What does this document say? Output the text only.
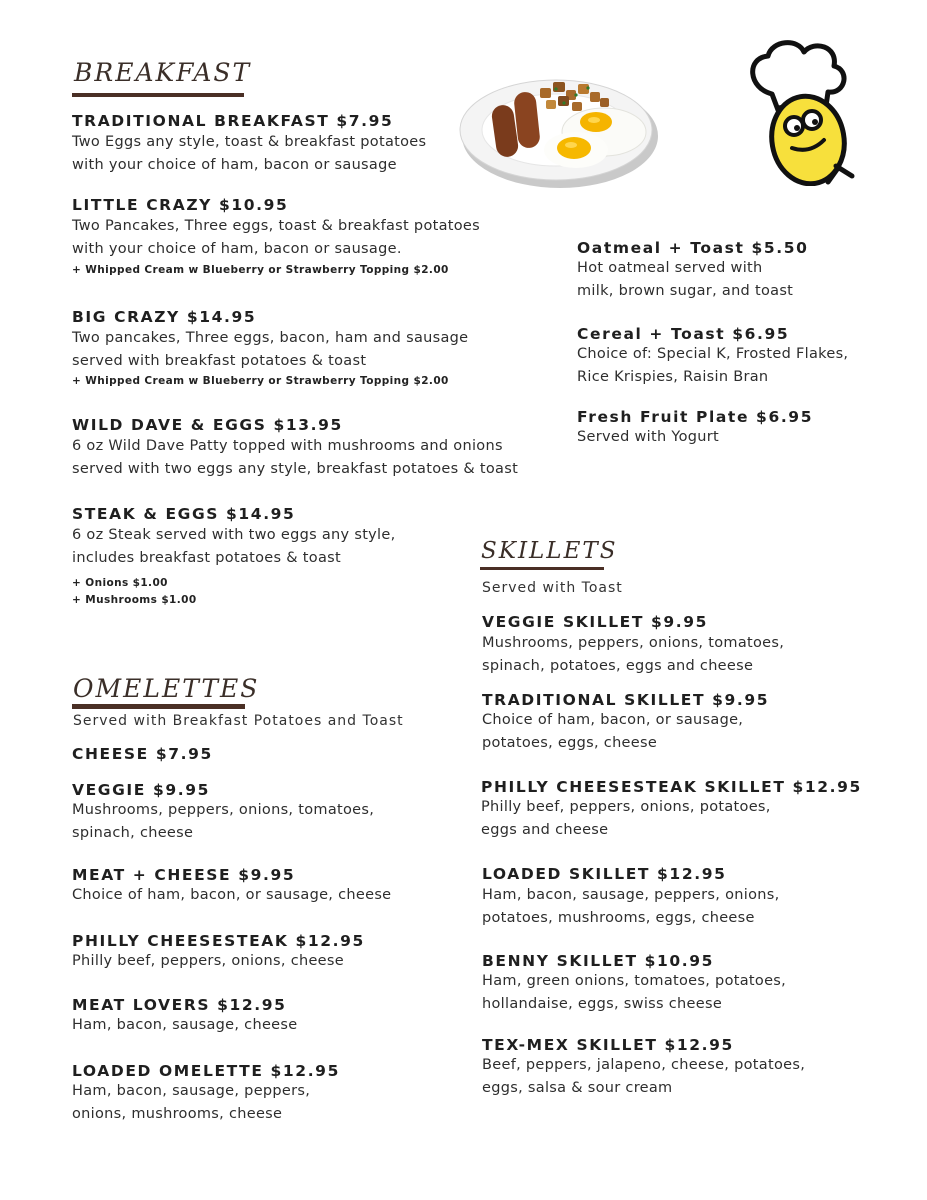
BREAKFAST
TRADITIONAL BREAKFAST $7.95
Two Eggs any style, toast & breakfast potatoes
with your choice of ham, bacon or sausage
LITTLE CRAZY $10.95
Two Pancakes, Three eggs, toast & breakfast potatoes
with your choice of ham, bacon or sausage.
+ Whipped Cream w Blueberry or Strawberry Topping $2.00
BIG CRAZY $14.95
Two pancakes, Three eggs, bacon, ham and sausage
served with breakfast potatoes & toast
+ Whipped Cream w Blueberry or Strawberry Topping $2.00
WILD DAVE & EGGS $13.95
6 oz Wild Dave Patty topped with mushrooms and onions
served with two eggs any style, breakfast potatoes & toast
STEAK & EGGS $14.95
6 oz Steak served with two eggs any style,
includes breakfast potatoes & toast
+ Onions $1.00
+ Mushrooms $1.00
Oatmeal + Toast $5.50
Hot oatmeal served with
milk, brown sugar, and toast
Cereal + Toast $6.95
Choice of: Special K, Frosted Flakes,
Rice Krispies, Raisin Bran
Fresh Fruit Plate $6.95
Served with Yogurt
SKILLETS
Served with Toast
VEGGIE SKILLET $9.95
Mushrooms, peppers, onions, tomatoes,
spinach, potatoes, eggs and cheese
TRADITIONAL SKILLET $9.95
Choice of ham, bacon, or sausage,
potatoes, eggs, cheese
PHILLY CHEESESTEAK SKILLET $12.95
Philly beef, peppers, onions, potatoes,
eggs and cheese
LOADED SKILLET $12.95
Ham, bacon, sausage, peppers, onions,
potatoes, mushrooms, eggs, cheese
BENNY SKILLET $10.95
Ham, green onions, tomatoes, potatoes,
hollandaise, eggs, swiss cheese
TEX-MEX SKILLET $12.95
Beef, peppers, jalapeno, cheese, potatoes,
eggs, salsa & sour cream
OMELETTES
Served with Breakfast Potatoes and Toast
CHEESE $7.95
VEGGIE $9.95
Mushrooms, peppers, onions, tomatoes,
spinach, cheese
MEAT + CHEESE $9.95
Choice of ham, bacon, or sausage, cheese
PHILLY CHEESESTEAK $12.95
Philly beef, peppers, onions, cheese
MEAT LOVERS $12.95
Ham, bacon, sausage, cheese
LOADED OMELETTE $12.95
Ham, bacon, sausage, peppers,
onions, mushrooms, cheese
